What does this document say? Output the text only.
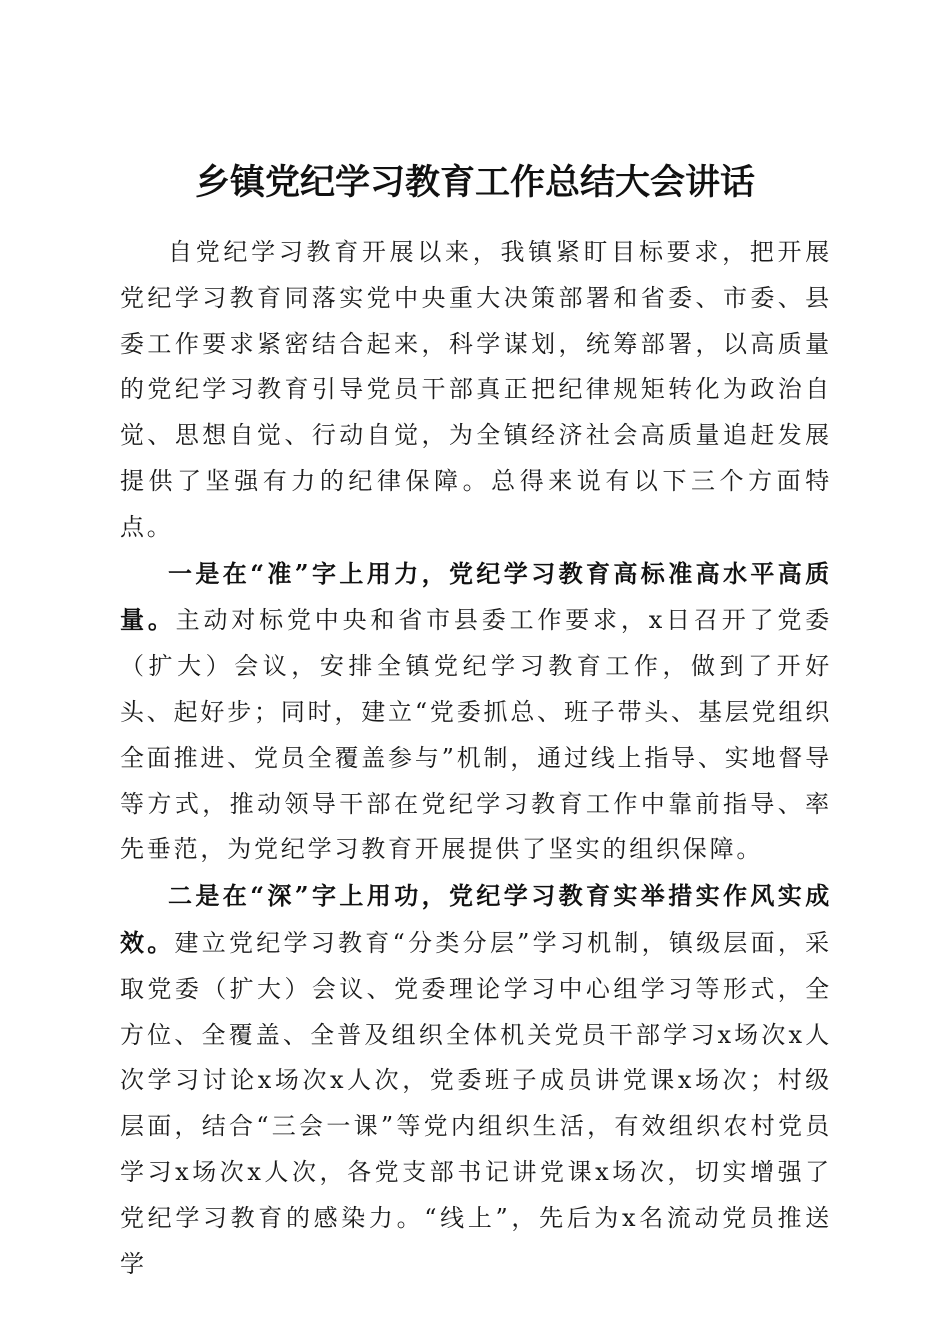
乡镇党纪学习教育工作总结大会讲话

自党纪学习教育开展以来，我镇紧盯目标要求，把开展党纪学习教育同落实党中央重大决策部署和省委、市委、县委工作要求紧密结合起来，科学谋划，统筹部署，以高质量的党纪学习教育引导党员干部真正把纪律规矩转化为政治自觉、思想自觉、行动自觉，为全镇经济社会高质量追赶发展提供了坚强有力的纪律保障。总得来说有以下三个方面特点。

一是在“准”字上用力，党纪学习教育高标准高水平高质量。主动对标党中央和省市县委工作要求，x日召开了党委（扩大）会议，安排全镇党纪学习教育工作，做到了开好头、起好步；同时，建立“党委抓总、班子带头、基层党组织全面推进、党员全覆盖参与”机制，通过线上指导、实地督导等方式，推动领导干部在党纪学习教育工作中靠前指导、率先垂范，为党纪学习教育开展提供了坚实的组织保障。

二是在“深”字上用功，党纪学习教育实举措实作风实成效。建立党纪学习教育“分类分层”学习机制，镇级层面，采取党委（扩大）会议、党委理论学习中心组学习等形式，全方位、全覆盖、全普及组织全体机关党员干部学习x场次x人次学习讨论x场次x人次，党委班子成员讲党课x场次；村级层面，结合“三会一课”等党内组织生活，有效组织农村党员学习x场次x人次，各党支部书记讲党课x场次，切实增强了党纪学习教育的感染力。“线上”，先后为x名流动党员推送学
